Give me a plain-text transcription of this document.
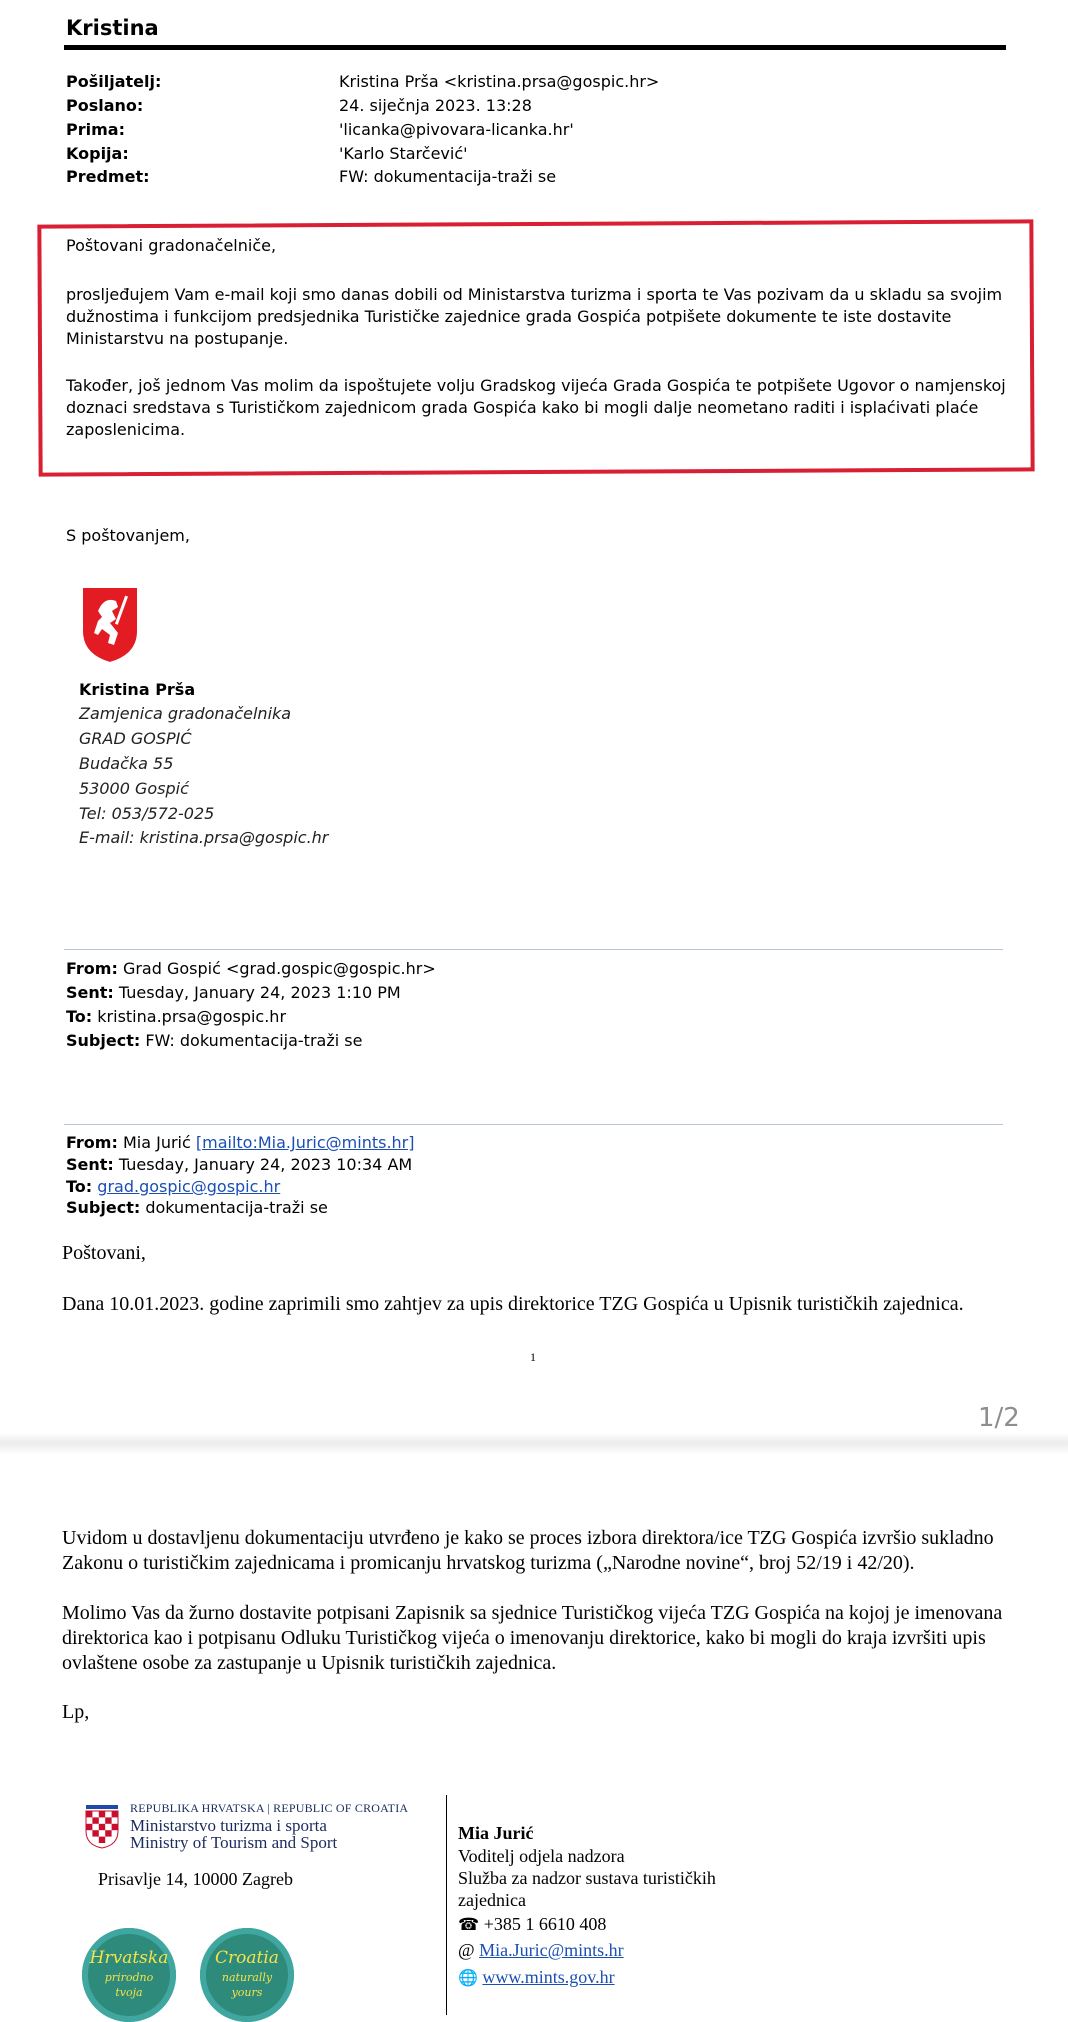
Kristina
Pošiljatelj:	Kristina Prša <kristina.prsa@gospic.hr>
Poslano:	24. siječnja 2023. 13:28
Prima:	'licanka@pivovara-licanka.hr'
Kopija:	'Karlo Starčević'
Predmet:	FW: dokumentacija-traži se
Poštovani gradonačelniče,
prosljeđujem Vam e-mail koji smo danas dobili od Ministarstva turizma i sporta te Vas pozivam da u skladu sa svojim dužnostima i funkcijom predsjednika Turističke zajednice grada Gospića potpišete dokumente te iste dostavite Ministarstvu na postupanje.
Također, još jednom Vas molim da ispoštujete volju Gradskog vijeća Grada Gospića te potpišete Ugovor o namjenskoj doznaci sredstava s Turističkom zajednicom grada Gospića kako bi mogli dalje neometano raditi i isplaćivati plaće zaposlenicima.
S poštovanjem,
Kristina Prša
Zamjenica gradonačelnika
GRAD GOSPIĆ
Budačka 55
53000 Gospić
Tel: 053/572-025
E-mail: kristina.prsa@gospic.hr
From: Grad Gospić <grad.gospic@gospic.hr>
Sent: Tuesday, January 24, 2023 1:10 PM
To: kristina.prsa@gospic.hr
Subject: FW: dokumentacija-traži se
From: Mia Jurić [mailto:Mia.Juric@mints.hr]
Sent: Tuesday, January 24, 2023 10:34 AM
To: grad.gospic@gospic.hr
Subject: dokumentacija-traži se
Poštovani,
Dana 10.01.2023. godine zaprimili smo zahtjev za upis direktorice TZG Gospića u Upisnik turističkih zajednica.
1
1/2
Uvidom u dostavljenu dokumentaciju utvrđeno je kako se proces izbora direktora/ice TZG Gospića izvršio sukladno Zakonu o turističkim zajednicama i promicanju hrvatskog turizma („Narodne novine“, broj 52/19 i 42/20).
Molimo Vas da žurno dostavite potpisani Zapisnik sa sjednice Turističkog vijeća TZG Gospića na kojoj je imenovana direktorica kao i potpisanu Odluku Turističkog vijeća o imenovanju direktorice, kako bi mogli do kraja izvršiti upis ovlaštene osobe za zastupanje u Upisnik turističkih zajednica.
Lp,
REPUBLIKA HRVATSKA | REPUBLIC OF CROATIA
Ministarstvo turizma i sporta
Ministry of Tourism and Sport
Prisavlje 14, 10000 Zagreb
Hrvatska
prirodno
tvoja
Croatia
naturally
yours
Mia Jurić
Voditelj odjela nadzora
Služba za nadzor sustava turističkih
zajednica
☎ +385 1 6610 408
@ Mia.Juric@mints.hr
🌐 www.mints.gov.hr
